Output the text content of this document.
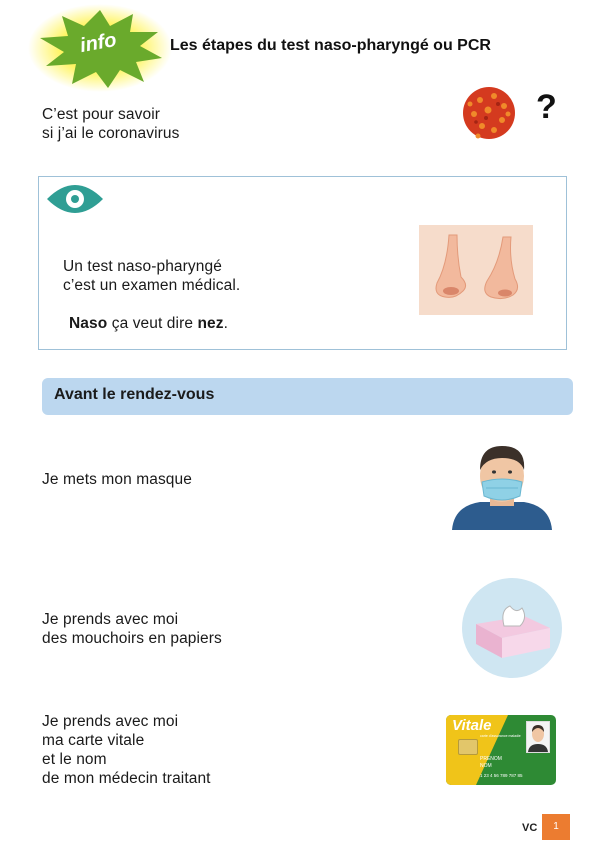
info	Les étapes du test naso-pharyngé ou PCR
C’est pour savoir
si j’ai le coronavirus
?
Un test naso-pharyngé
c’est un examen médical.
Naso ça veut dire nez.
Avant le rendez-vous
Je mets mon masque
Je prends avec moi
des mouchoirs en papiers
Je prends avec moi
ma carte vitale
et le nom
de mon médecin traitant
Vitale
carte d'assurance maladie
PRENOM
NOM
1 23 4 56 789 787 85
VC	1
